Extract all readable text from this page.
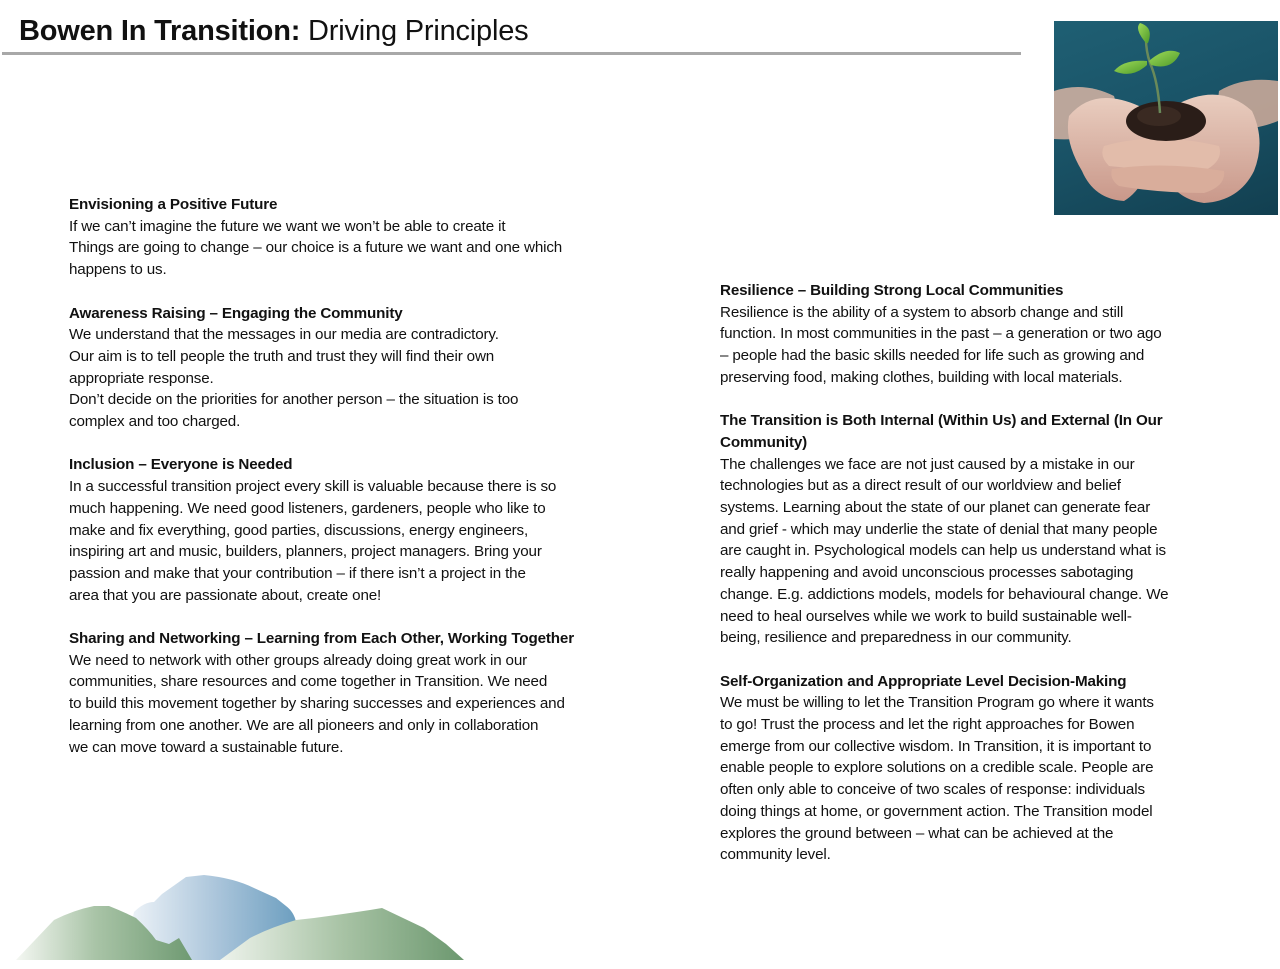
Bowen In Transition: Driving Principles
Envisioning a Positive Future
If we can’t imagine the future we want we won’t be able to create it
Things are going to change – our choice is a future we want and one which
happens to us.
Awareness Raising – Engaging the Community
We understand that the messages in our media are contradictory.
Our aim is to tell people the truth and trust they will find their own
appropriate response.
Don’t decide on the priorities for another person – the situation is too
complex and too charged.
Inclusion – Everyone is Needed
In a successful transition project every skill is valuable because there is so
much happening. We need good listeners, gardeners, people who like to
make and fix everything, good parties, discussions, energy engineers,
inspiring art and music, builders, planners, project managers. Bring your
passion and make that your contribution – if there isn’t a project in the
area that you are passionate about, create one!
Sharing and Networking – Learning from Each Other, Working Together
We need to network with other groups already doing great work in our
communities, share resources and come together in Transition. We need
to build this movement together by sharing successes and experiences and
learning from one another. We are all pioneers and only in collaboration
we can move toward a sustainable future.
Resilience – Building Strong Local Communities
Resilience is the ability of a system to absorb change and still
function. In most communities in the past – a generation or two ago
– people had the basic skills needed for life such as growing and
preserving food, making clothes, building with local materials.
The Transition is Both Internal (Within Us) and External (In Our
Community)
The challenges we face are not just caused by a mistake in our
technologies but as a direct result of our worldview and belief
systems. Learning about the state of our planet can generate fear
and grief - which may underlie the state of denial that many people
are caught in. Psychological models can help us understand what is
really happening and avoid unconscious processes sabotaging
change. E.g. addictions models, models for behavioural change. We
need to heal ourselves while we work to build sustainable well-
being, resilience and preparedness in our community.
Self-Organization and Appropriate Level Decision-Making
We must be willing to let the Transition Program go where it wants
to go! Trust the process and let the right approaches for Bowen
emerge from our collective wisdom. In Transition, it is important to
enable people to explore solutions on a credible scale. People are
often only able to conceive of two scales of response: individuals
doing things at home, or government action. The Transition model
explores the ground between – what can be achieved at the
community level.
